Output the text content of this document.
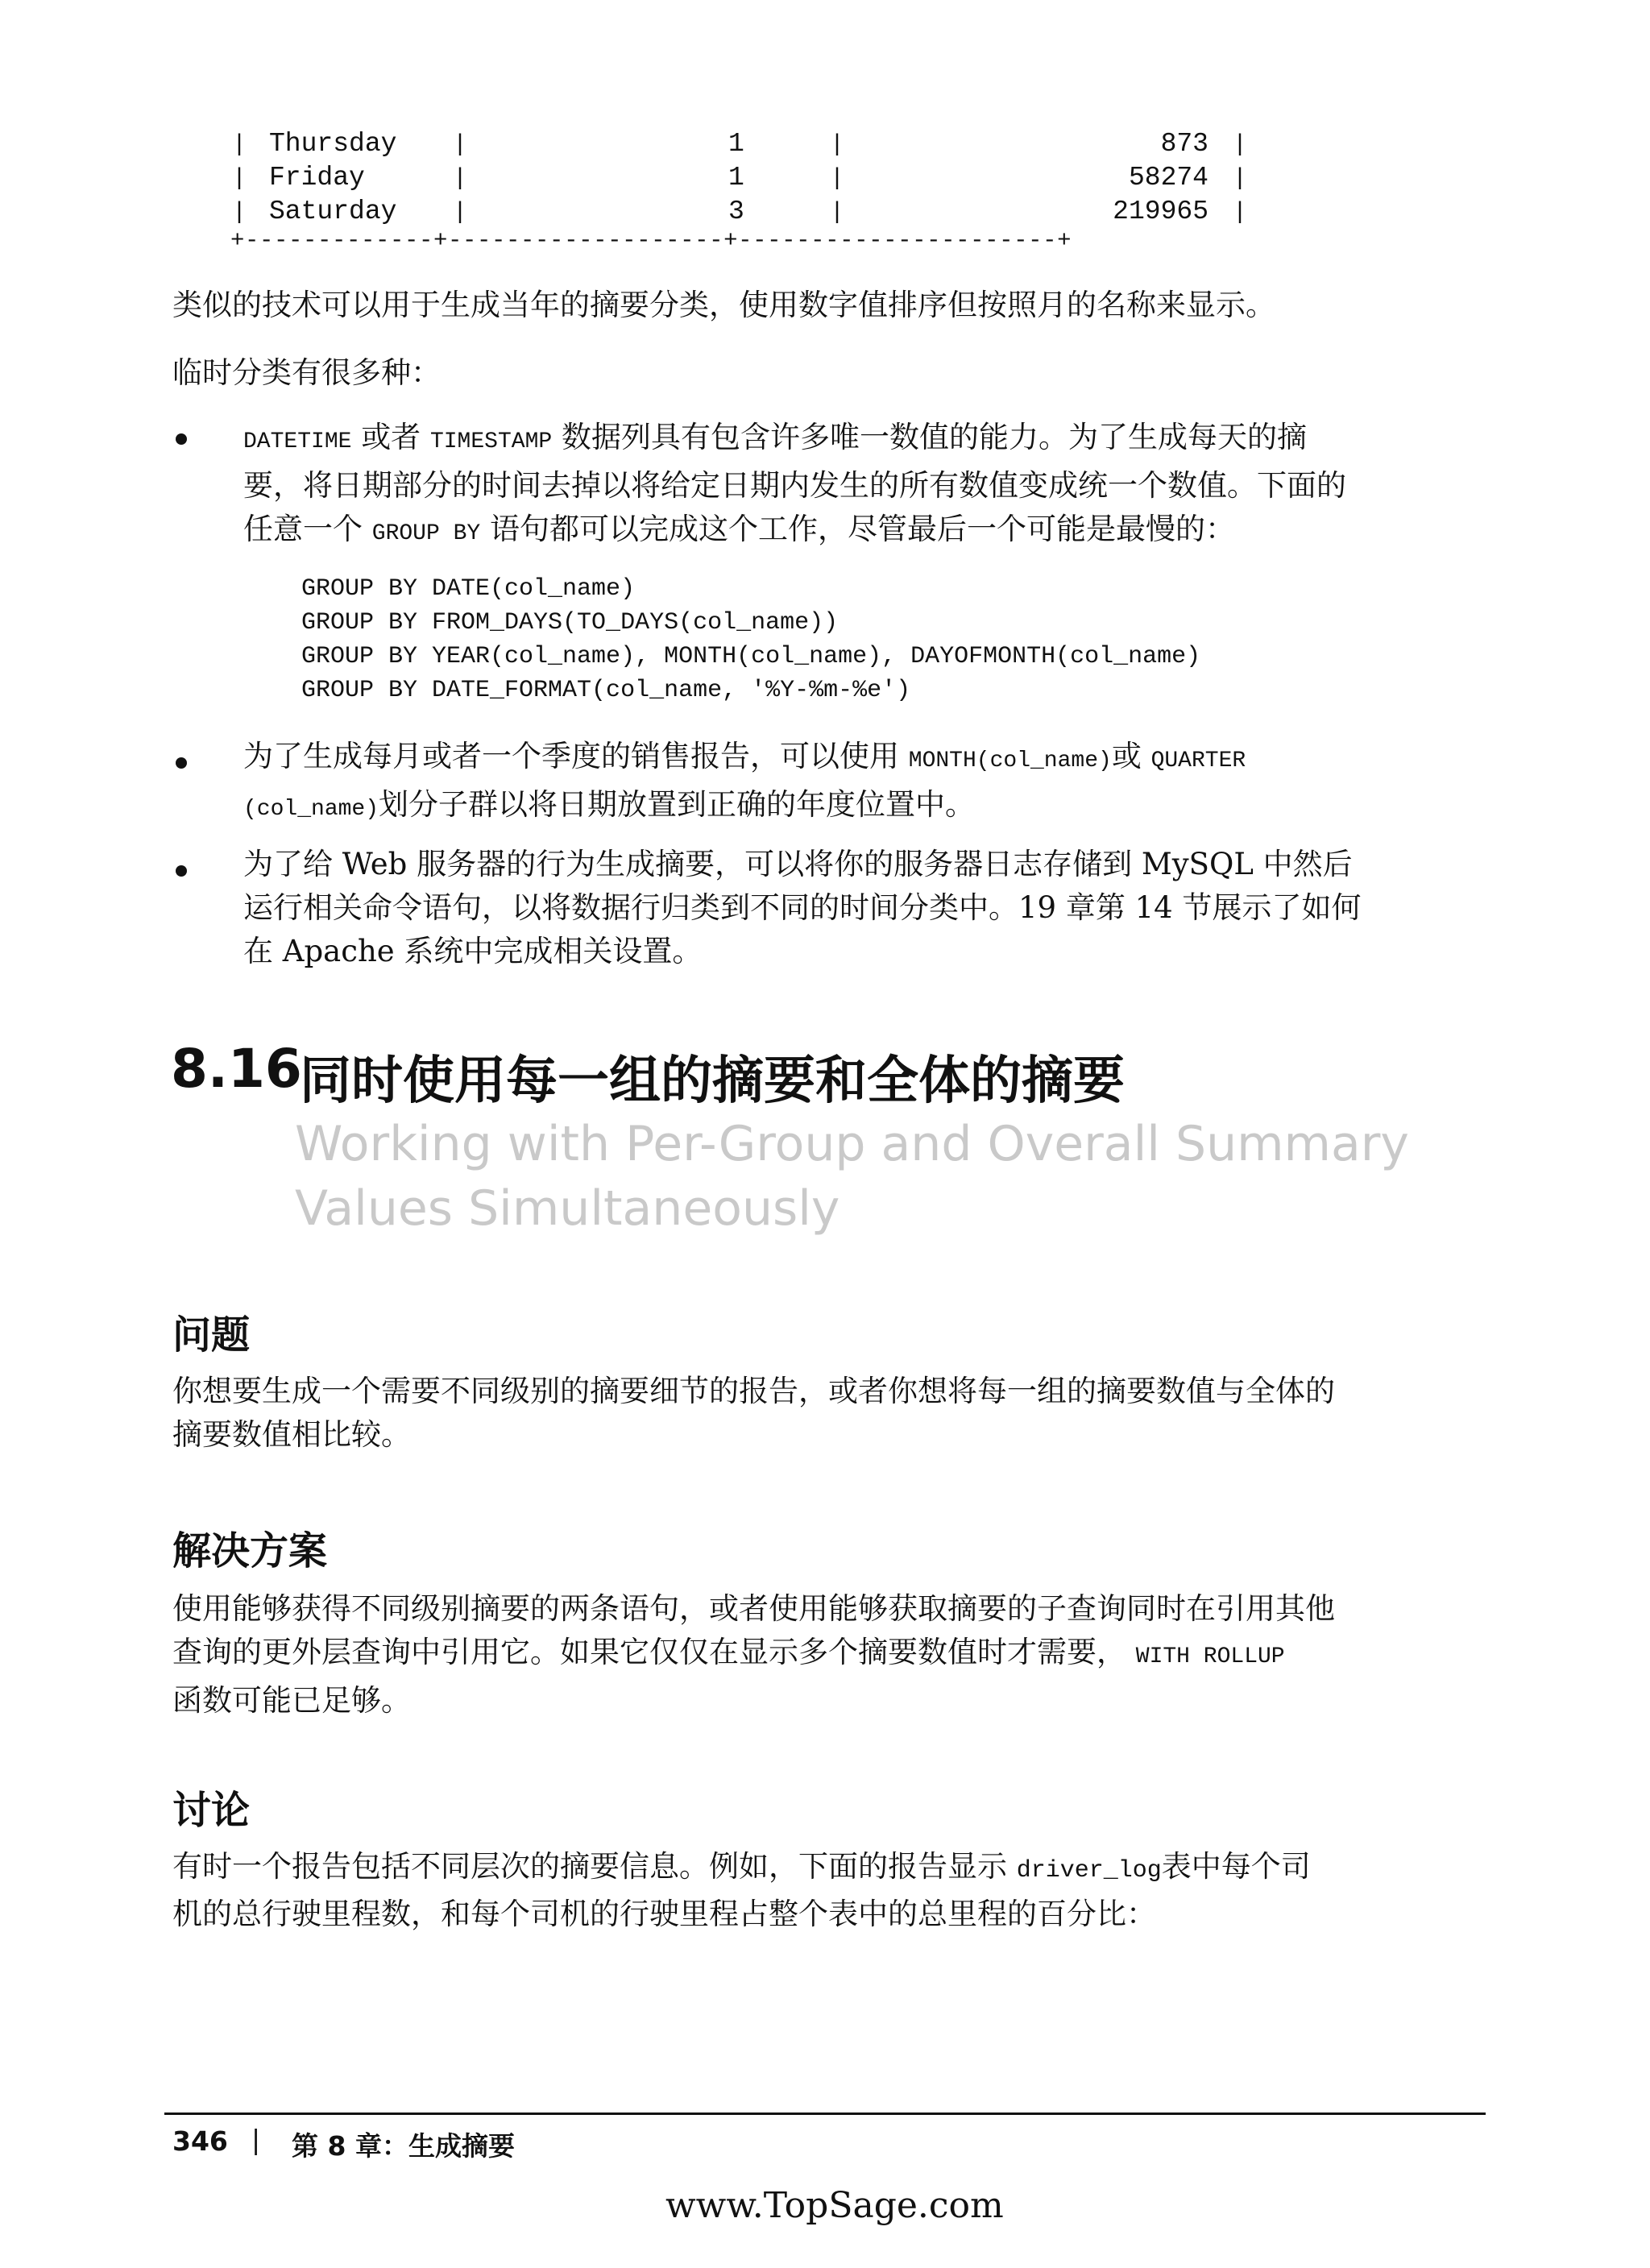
| Thursday |	1	|	873 |
| Friday	|	1	|	58274 |
| Saturday |	3	|	219965 |
+-------------+-------------------+----------------------+
类似的技术可以用于生成当年的摘要分类，使用数字值排序但按照月的名称来显示。
临时分类有很多种：
DATETIME 或者 TIMESTAMP 数据列具有包含许多唯一数值的能力。为了生成每天的摘
要，将日期部分的时间去掉以将给定日期内发生的所有数值变成统一个数值。下面的
任意一个 GROUP BY 语句都可以完成这个工作，尽管最后一个可能是最慢的：
GROUP BY DATE(col_name)
GROUP BY FROM_DAYS(TO_DAYS(col_name))
GROUP BY YEAR(col_name), MONTH(col_name), DAYOFMONTH(col_name)
GROUP BY DATE_FORMAT(col_name, '%Y-%m-%e')
为了生成每月或者一个季度的销售报告，可以使用 MONTH(col_name)或 QUARTER
(col_name)划分子群以将日期放置到正确的年度位置中。
为了给 Web 服务器的行为生成摘要，可以将你的服务器日志存储到 MySQL 中然后
运行相关命令语句，以将数据行归类到不同的时间分类中。19 章第 14 节展示了如何
在 Apache 系统中完成相关设置。
8.16
同时使用每一组的摘要和全体的摘要
Working with Per-Group and Overall Summary
Values Simultaneously
问题
你想要生成一个需要不同级别的摘要细节的报告，或者你想将每一组的摘要数值与全体的
摘要数值相比较。
解决方案
使用能够获得不同级别摘要的两条语句，或者使用能够获取摘要的子查询同时在引用其他
查询的更外层查询中引用它。如果它仅仅在显示多个摘要数值时才需要， WITH ROLLUP
函数可能已足够。
讨论
有时一个报告包括不同层次的摘要信息。例如，下面的报告显示 driver_log表中每个司
机的总行驶里程数，和每个司机的行驶里程占整个表中的总里程的百分比：
346 | 第 8 章：生成摘要
www.TopSage.com
